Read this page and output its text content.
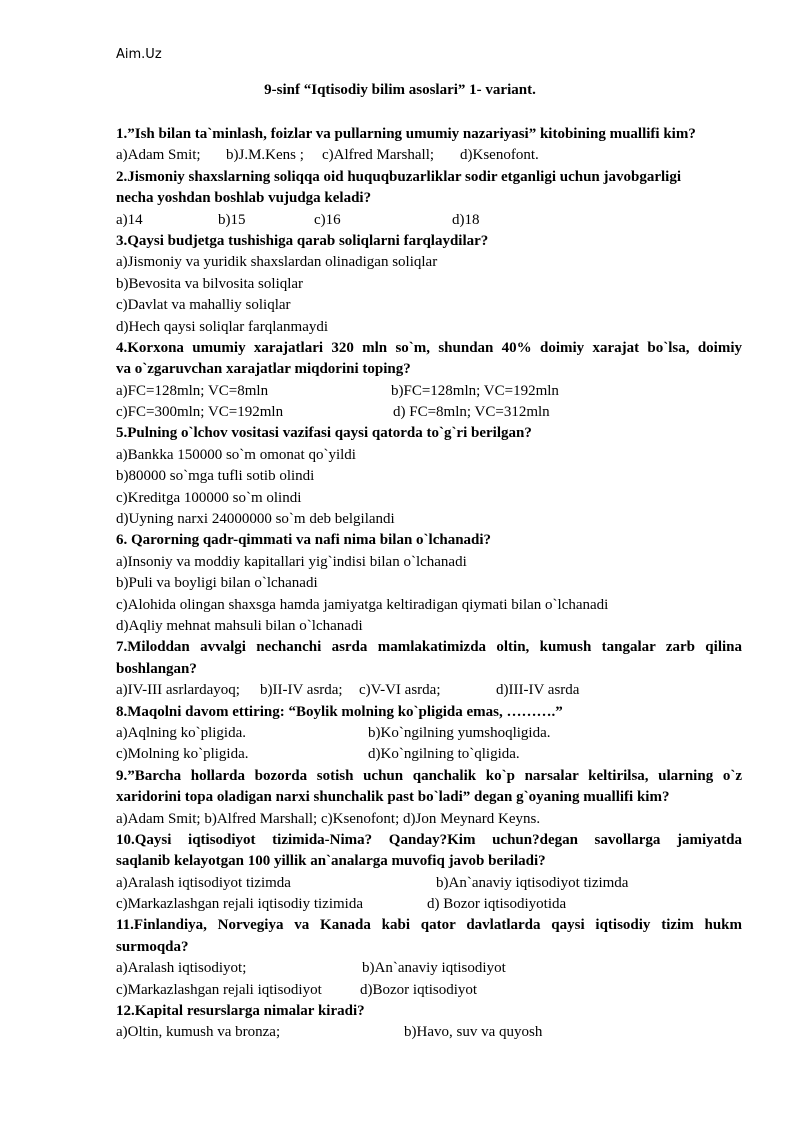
Aim.Uz
9-sinf “Iqtisodiy bilim asoslari” 1- variant.
1.”Ish bilan ta`minlash, foizlar va pullarning umumiy nazariyasi” kitobining muallifi kim?
a)Adam Smit; b)J.M.Kens ; c)Alfred Marshall; d)Ksenofont.
2.Jismoniy shaxslarning soliqqa oid huquqbuzarliklar sodir etganligi uchun javobgarligi
necha yoshdan boshlab vujudga keladi?
a)14	b)15	c)16	d)18
3.Qaysi budjetga tushishiga qarab soliqlarni farqlaydilar?
a)Jismoniy va yuridik shaxslardan olinadigan soliqlar
b)Bevosita va bilvosita soliqlar
c)Davlat va mahalliy soliqlar
d)Hech qaysi soliqlar farqlanmaydi
4.Korxona umumiy xarajatlari 320 mln so`m, shundan 40% doimiy xarajat bo`lsa, doimiy
va o`zgaruvchan xarajatlar miqdorini toping?
a)FC=128mln; VC=8mln	b)FC=128mln; VC=192mln
c)FC=300mln; VC=192mln	d) FC=8mln; VC=312mln
5.Pulning o`lchov vositasi vazifasi qaysi qatorda to`g`ri berilgan?
a)Bankka 150000 so`m omonat qo`yildi
b)80000 so`mga tufli sotib olindi
c)Kreditga 100000 so`m olindi
d)Uyning narxi 24000000 so`m deb belgilandi
6. Qarorning qadr-qimmati va nafi nima bilan o`lchanadi?
a)Insoniy va moddiy kapitallari yig`indisi bilan o`lchanadi
b)Puli va boyligi bilan o`lchanadi
c)Alohida olingan shaxsga hamda jamiyatga keltiradigan qiymati bilan o`lchanadi
d)Aqliy mehnat mahsuli bilan o`lchanadi
7.Miloddan avvalgi nechanchi asrda mamlakatimizda oltin, kumush tangalar zarb qilina
boshlangan?
a)IV-III asrlardayoq; b)II-IV asrda; c)V-VI asrda;	d)III-IV asrda
8.Maqolni davom ettiring: “Boylik molning ko`pligida emas, ……….”
a)Aqlning ko`pligida.	b)Ko`ngilning yumshoqligida.
c)Molning ko`pligida.	d)Ko`ngilning to`qligida.
9.”Barcha hollarda bozorda sotish uchun qanchalik ko`p narsalar keltirilsa, ularning o`z
xaridorini topa oladigan narxi shunchalik past bo`ladi” degan g`oyaning muallifi kim?
a)Adam Smit; b)Alfred Marshall; c)Ksenofont; d)Jon Meynard Keyns.
10.Qaysi iqtisodiyot tizimida-Nima? Qanday?Kim uchun?degan savollarga jamiyatda
saqlanib kelayotgan 100 yillik an`analarga muvofiq javob beriladi?
a)Aralash iqtisodiyot tizimda	b)An`anaviy iqtisodiyot tizimda
c)Markazlashgan rejali iqtisodiy tizimida	d) Bozor iqtisodiyotida
11.Finlandiya, Norvegiya va Kanada kabi qator davlatlarda qaysi iqtisodiy tizim hukm
surmoqda?
a)Aralash iqtisodiyot;	b)An`anaviy iqtisodiyot
c)Markazlashgan rejali iqtisodiyot	d)Bozor iqtisodiyot
12.Kapital resurslarga nimalar kiradi?
a)Oltin, kumush va bronza;	b)Havo, suv va quyosh
